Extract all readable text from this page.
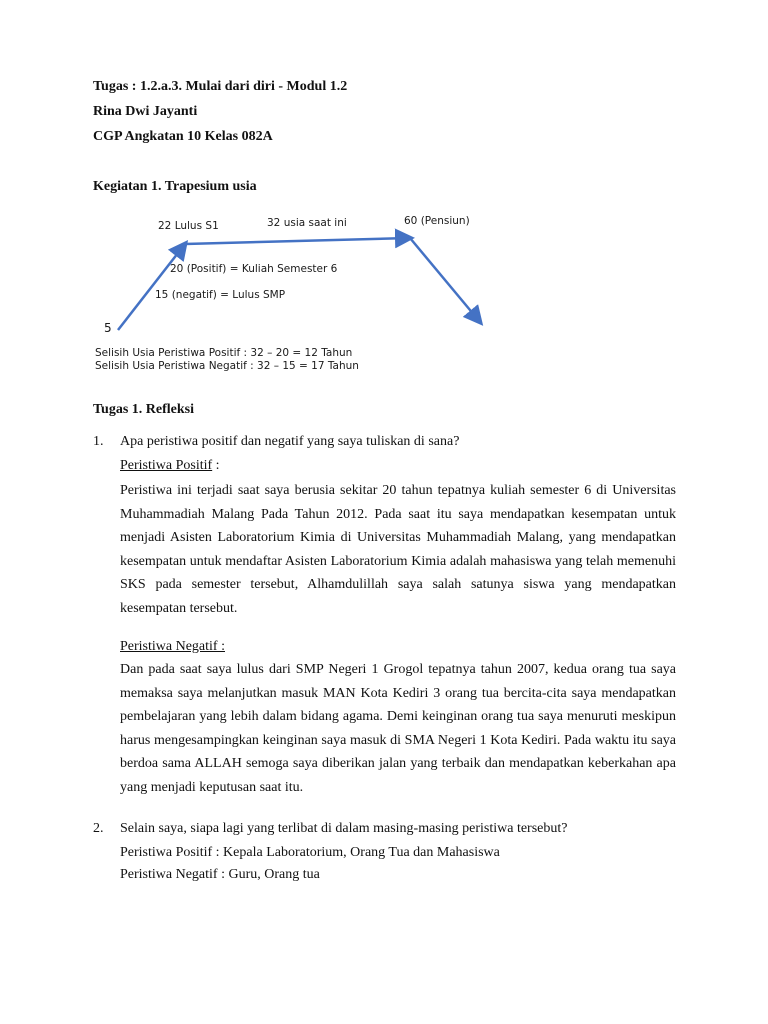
Tugas : 1.2.a.3. Mulai dari diri - Modul 1.2
Rina Dwi Jayanti
CGP Angkatan 10 Kelas 082A
Kegiatan 1. Trapesium usia
5
22 Lulus S1	32 usia saat ini	60 (Pensiun)
20 (Positif) = Kuliah Semester 6
15 (negatif) = Lulus SMP
Selisih Usia Peristiwa Positif : 32 – 20 = 12 Tahun
Selisih Usia Peristiwa Negatif : 32 – 15 = 17 Tahun
Tugas 1. Refleksi
1. Apa peristiwa positif dan negatif yang saya tuliskan di sana?
Peristiwa Positif :
Peristiwa ini terjadi saat saya berusia sekitar 20 tahun tepatnya kuliah semester 6 di Universitas Muhammadiah Malang Pada Tahun 2012. Pada saat itu saya mendapatkan kesempatan untuk menjadi Asisten Laboratorium Kimia di Universitas Muhammadiah Malang, yang mendapatkan kesempatan untuk mendaftar Asisten Laboratorium Kimia adalah mahasiswa yang telah memenuhi SKS pada semester tersebut, Alhamdulillah saya salah satunya siswa yang mendapatkan kesempatan tersebut.
Peristiwa Negatif :
Dan pada saat saya lulus dari SMP Negeri 1 Grogol tepatnya tahun 2007, kedua orang tua saya memaksa saya melanjutkan masuk MAN Kota Kediri 3 orang tua bercita-cita saya mendapatkan pembelajaran yang lebih dalam bidang agama. Demi keinginan orang tua saya menuruti meskipun harus mengesampingkan keinginan saya masuk di SMA Negeri 1 Kota Kediri. Pada waktu itu saya berdoa sama ALLAH semoga saya diberikan jalan yang terbaik dan mendapatkan keberkahan apa yang menjadi keputusan saat itu.
2. Selain saya, siapa lagi yang terlibat di dalam masing-masing peristiwa tersebut?
Peristiwa Positif : Kepala Laboratorium, Orang Tua dan Mahasiswa
Peristiwa Negatif : Guru, Orang tua
